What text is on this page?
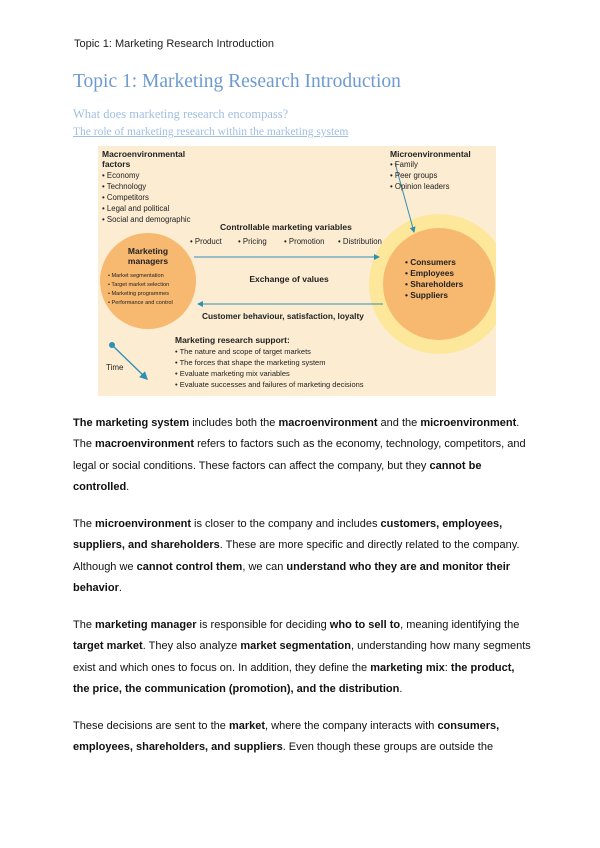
Topic 1: Marketing Research Introduction
Topic 1: Marketing Research Introduction
What does marketing research encompass?
The role of marketing research within the marketing system
Macroenvironmental
factors
• Economy
• Technology
• Competitors
• Legal and political
• Social and demographic
Microenvironmental
• Family
• Peer groups
• Opinion leaders
Controllable marketing variables
• Product • Pricing • Promotion • Distribution
Marketing
managers
• Market segmentation
• Target market selection
• Marketing programmes
• Performance and control
Exchange of values
• Consumers
• Employees
• Shareholders
• Suppliers
Customer behaviour, satisfaction, loyalty
Marketing research support:
• The nature and scope of target markets
• The forces that shape the marketing system
• Evaluate marketing mix variables
• Evaluate successes and failures of marketing decisions
Time

The marketing system includes both the macroenvironment and the microenvironment.

The macroenvironment refers to factors such as the economy, technology, competitors, and

legal or social conditions. These factors can affect the company, but they cannot be

controlled.

The microenvironment is closer to the company and includes customers, employees,

suppliers, and shareholders. These are more specific and directly related to the company.

Although we cannot control them, we can understand who they are and monitor their

behavior.

The marketing manager is responsible for deciding who to sell to, meaning identifying the

target market. They also analyze market segmentation, understanding how many segments

exist and which ones to focus on. In addition, they define the marketing mix: the product,

the price, the communication (promotion), and the distribution.

These decisions are sent to the market, where the company interacts with consumers,

employees, shareholders, and suppliers. Even though these groups are outside the
